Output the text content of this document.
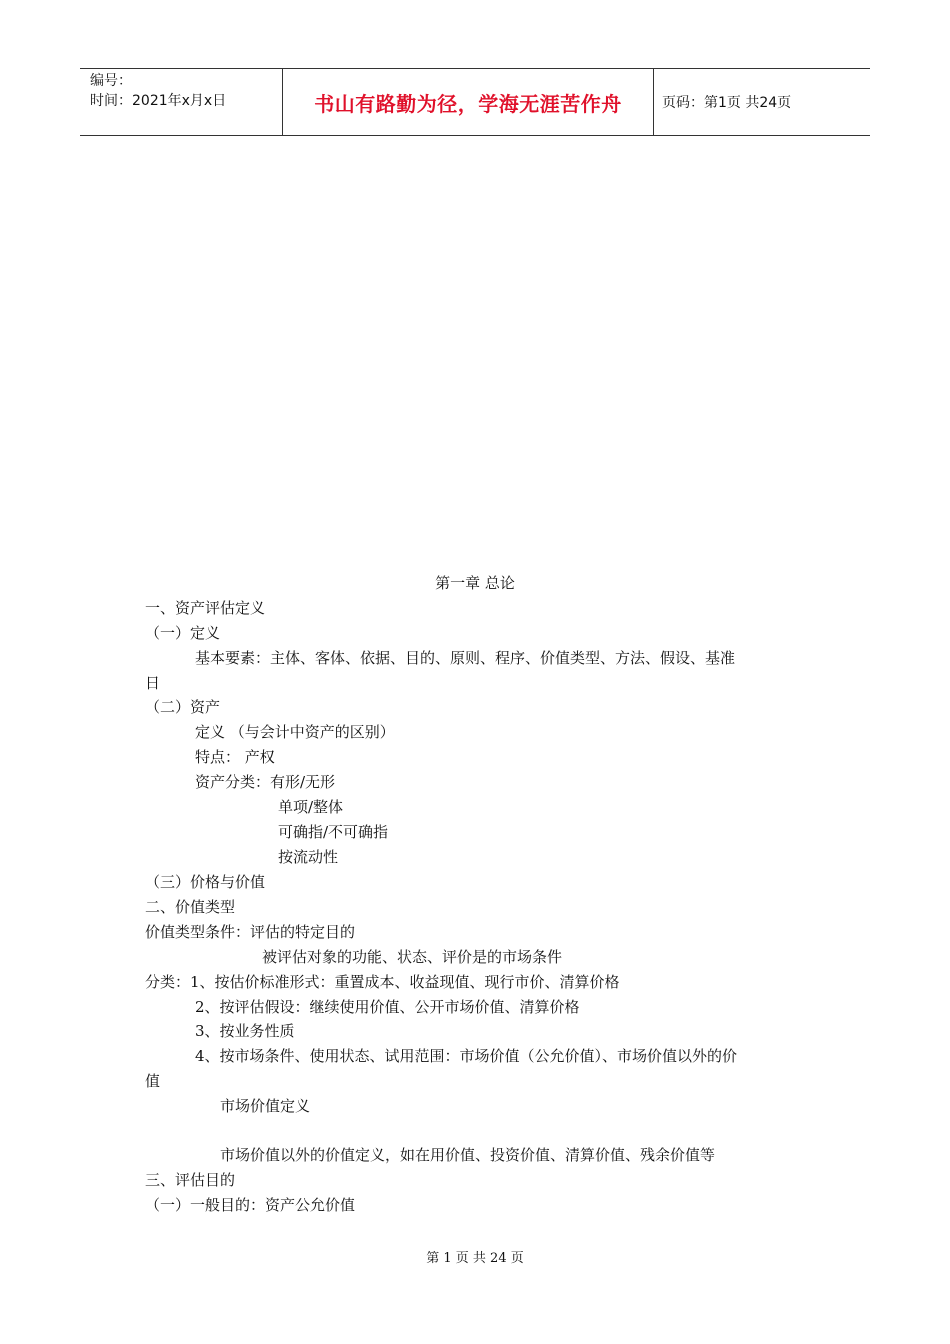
编号：
时间：2021年x月x日	书山有路勤为径，学海无涯苦作舟	页码：第1页 共24页
第一章 总论
一、资产评估定义
（一）定义
基本要素：主体、客体、依据、目的、原则、程序、价值类型、方法、假设、基准
日
（二）资产
定义 （与会计中资产的区别）
特点： 产权
资产分类：有形/无形
单项/整体
可确指/不可确指
按流动性
（三）价格与价值
二、价值类型
价值类型条件：评估的特定目的
被评估对象的功能、状态、评价是的市场条件
分类：1、按估价标准形式：重置成本、收益现值、现行市价、清算价格
2、按评估假设：继续使用价值、公开市场价值、清算价格
3、按业务性质
4、按市场条件、使用状态、试用范围：市场价值（公允价值）、市场价值以外的价
值
市场价值定义
市场价值以外的价值定义，如在用价值、投资价值、清算价值、残余价值等
三、评估目的
（一）一般目的：资产公允价值
第 1 页 共 24 页
